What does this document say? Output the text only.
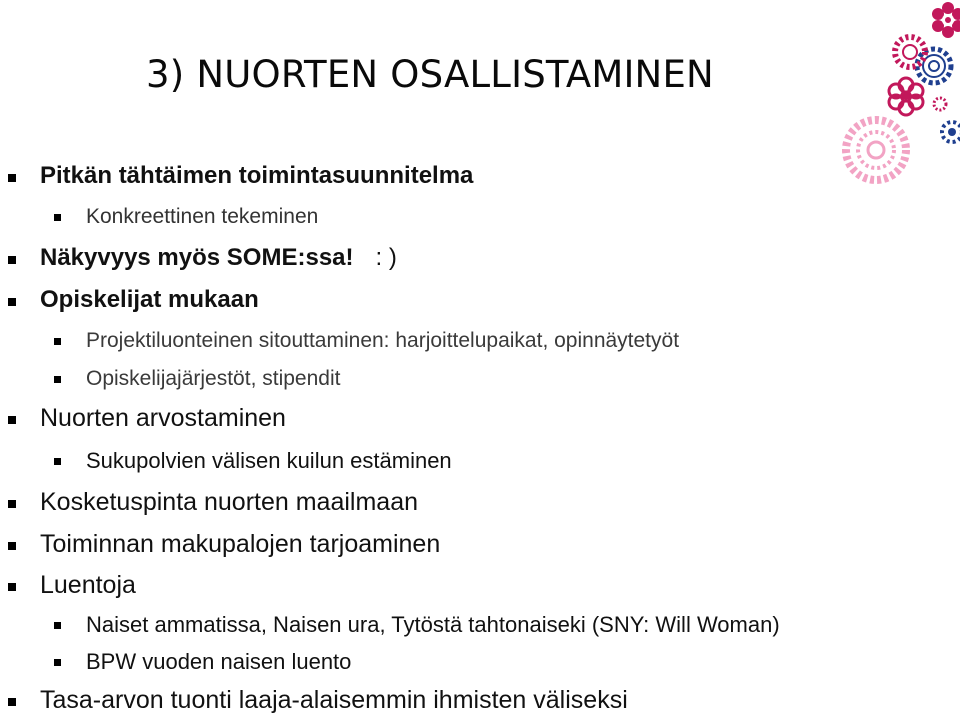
3) NUORTEN OSALLISTAMINEN
Pitkän tähtäimen toimintasuunnitelma
Konkreettinen tekeminen
Näkyvyys myös SOME:ssa! : )
Opiskelijat mukaan
Projektiluonteinen sitouttaminen: harjoittelupaikat, opinnäytetyöt
Opiskelijajärjestöt, stipendit
Nuorten arvostaminen
Sukupolvien välisen kuilun estäminen
Kosketuspinta nuorten maailmaan
Toiminnan makupalojen tarjoaminen
Luentoja
Naiset ammatissa, Naisen ura, Tytöstä tahtonaiseki (SNY: Will Woman)
BPW vuoden naisen luento
Tasa-arvon tuonti laaja-alaisemmin ihmisten väliseksi
